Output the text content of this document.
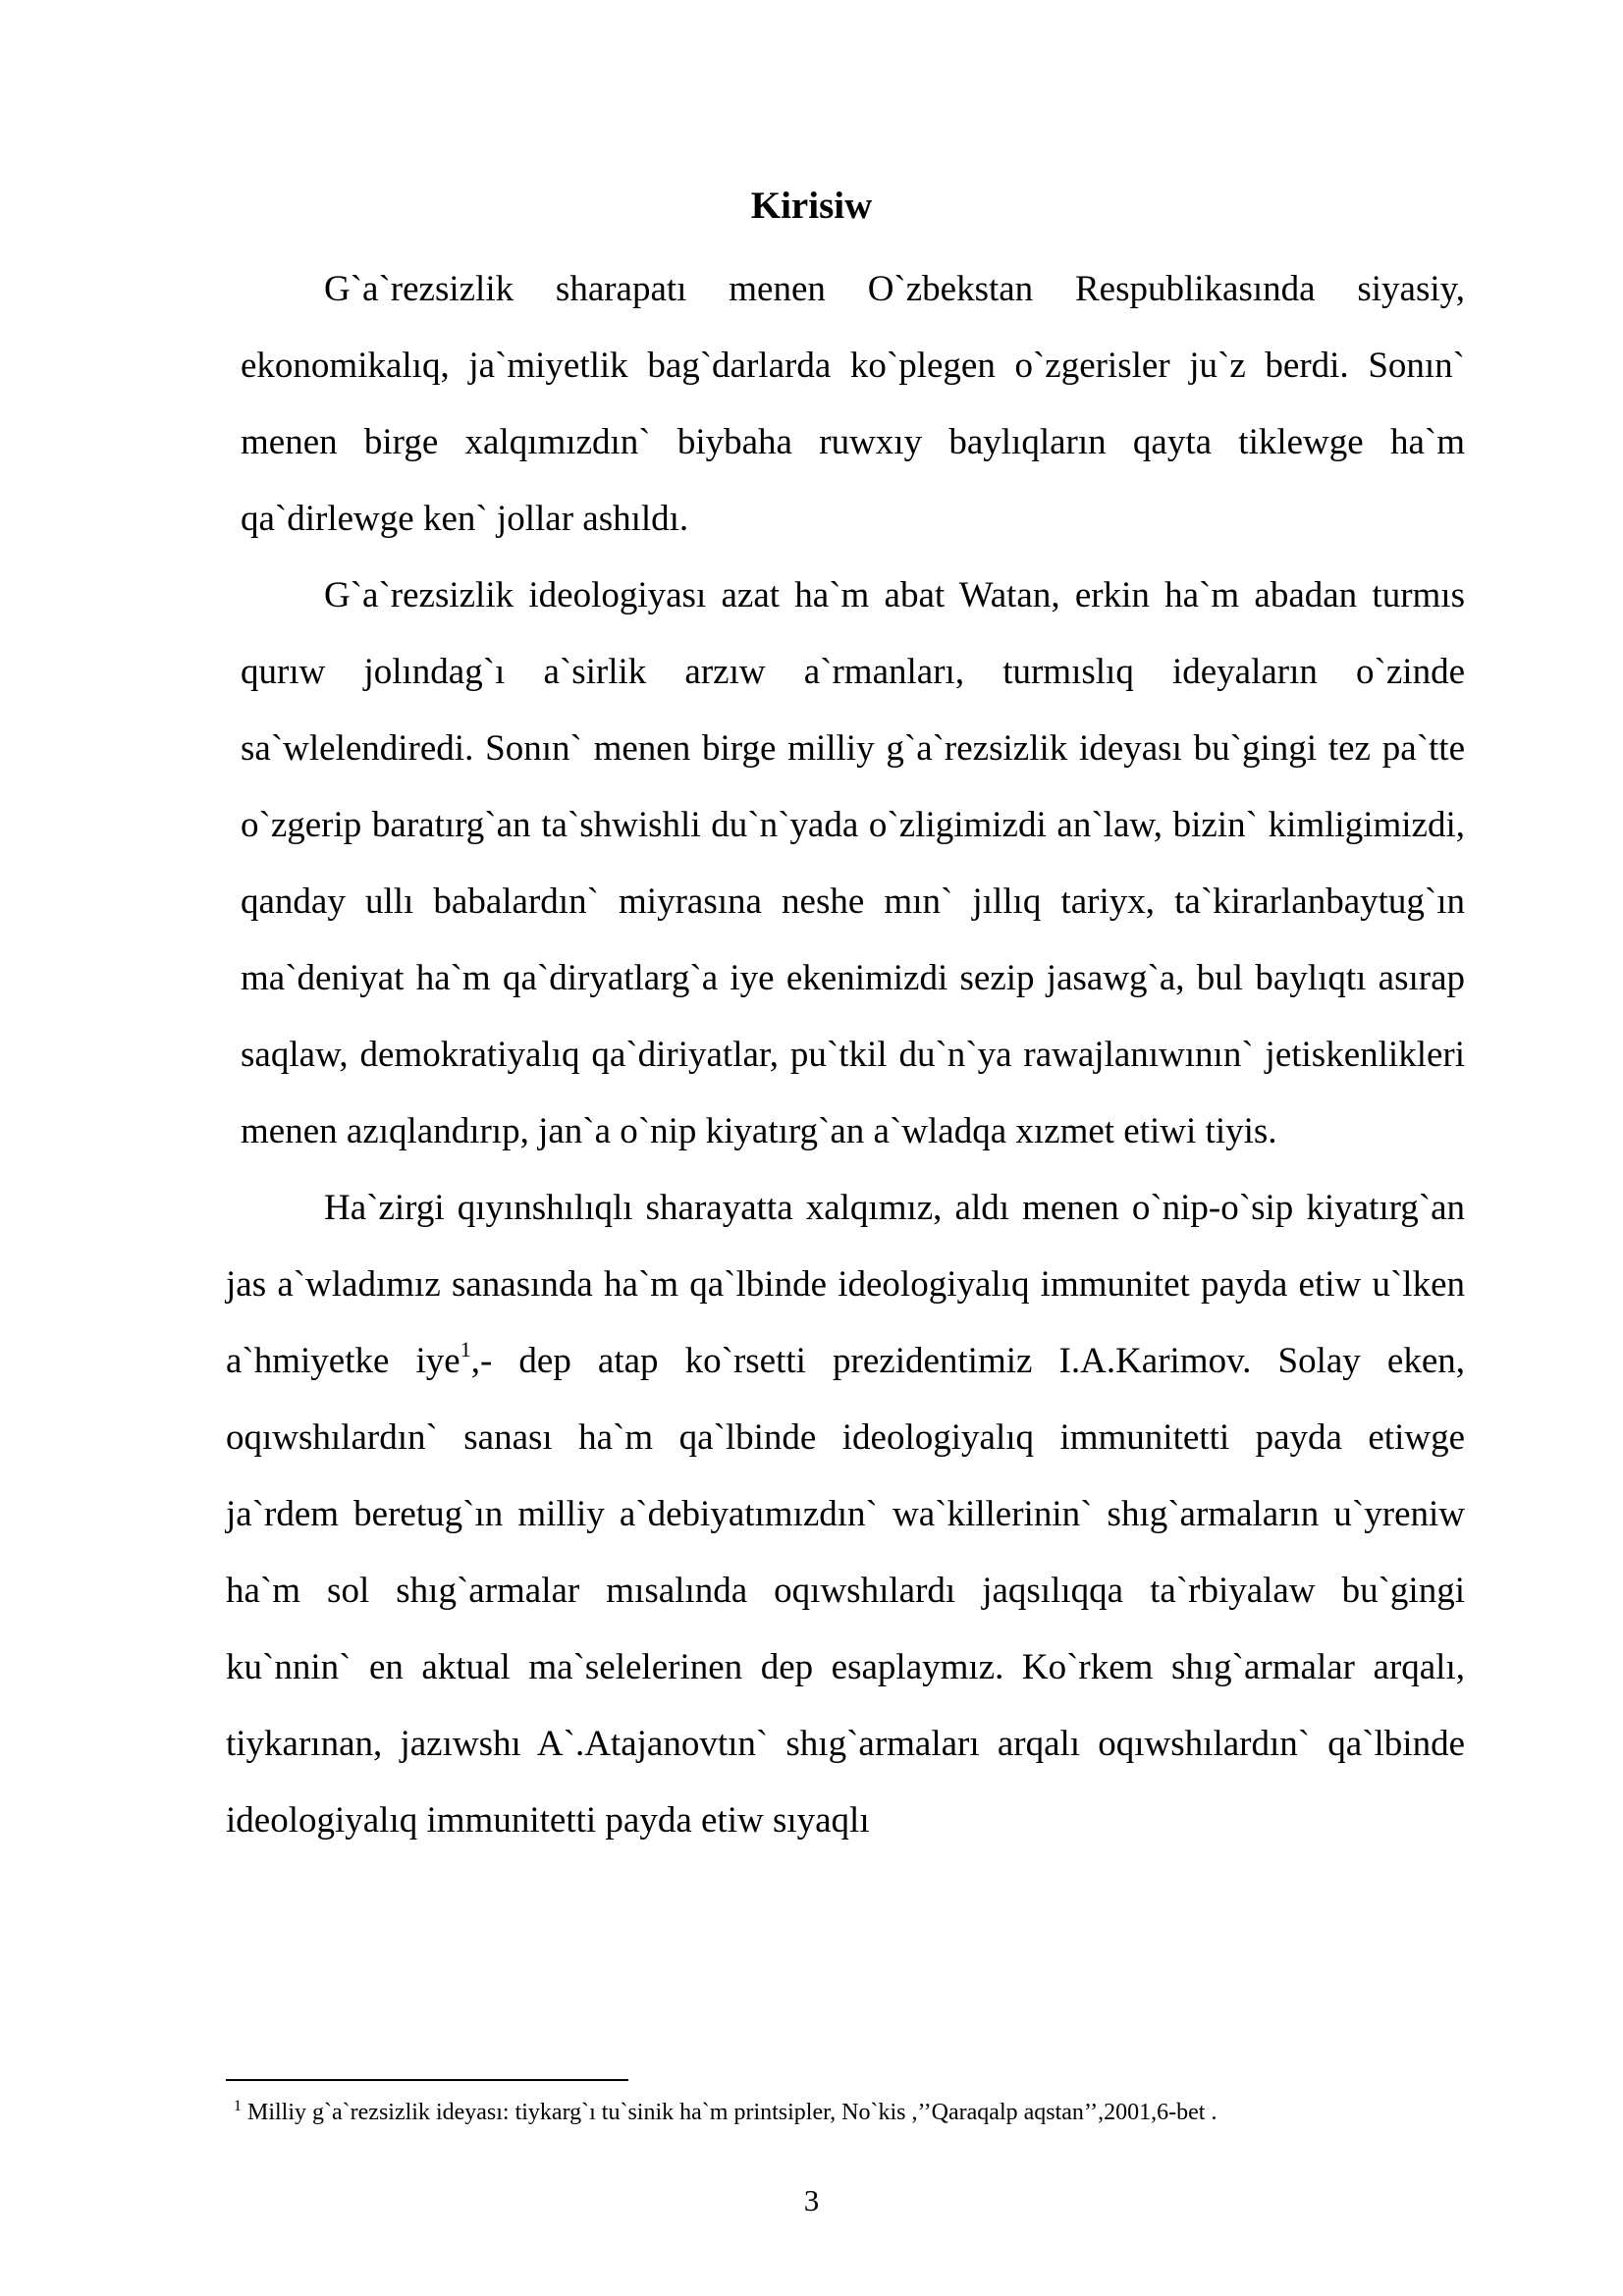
Kirisiw

G`a`rezsizlik sharapatı menen O`zbekstan Respublikasında siyasiy, ekonomikalıq, ja`miyetlik bag`darlarda ko`plegen o`zgerisler ju`z berdi. Sonın` menen birge xalqımızdın` biybaha ruwxıy baylıqların qayta tiklewge ha`m qa`dirlewge ken` jollar ashıldı.

G`a`rezsizlik ideologiyası azat ha`m abat Watan, erkin ha`m abadan turmıs qurıw jolındag`ı a`sirlik arzıw a`rmanları, turmıslıq ideyaların o`zinde sa`wlelendiredi. Sonın` menen birge milliy g`a`rezsizlik ideyası bu`gingi tez pa`tte o`zgerip baratırg`an ta`shwishli du`n`yada o`zligimizdi an`law, bizin` kimligimizdi, qanday ullı babalardın` miyrasına neshe mın` jıllıq tariyx, ta`kirarlanbaytug`ın ma`deniyat ha`m qa`diryatlarg`a iye ekenimizdi sezip jasawg`a, bul baylıqtı asırap saqlaw, demokratiyalıq qa`diriyatlar, pu`tkil du`n`ya rawajlanıwının` jetiskenlikleri menen azıqlandırıp, jan`a o`nip kiyatırg`an a`wladqa xızmet etiwi tiyis.

Ha`zirgi qıyınshılıqlı sharayatta xalqımız, aldı menen o`nip-o`sip kiyatırg`an jas a`wladımız sanasında ha`m qa`lbinde ideologiyalıq immunitet payda etiw u`lken a`hmiyetke iye$^1$,- dep atap ko`rsetti prezidentimiz I.A.Karimov. Solay eken, oqıwshılardın` sanası ha`m qa`lbinde ideologiyalıq immunitetti payda etiwge ja`rdem beretug`ın milliy a`debiyatımızdın` wa`killerinin` shıg`armaların u`yreniw ha`m sol shıg`armalar mısalında oqıwshılardı jaqsılıqqa ta`rbiyalaw bu`gingi ku`nnin` en aktual ma`selelerinen dep esaplaymız. Ko`rkem shıg`armalar arqalı, tiykarınan, jazıwshı A`.Atajanovtın` shıg`armaları arqalı oqıwshılardın` qa`lbinde ideologiyalıq immunitetti payda etiw sıyaqlı

$^1$ Milliy g`a`rezsizlik ideyası: tiykarg`ı tu`sinik ha`m printsipler, No`kis ,’’Qaraqalp aqstan’’,2001,6-bet .

3
